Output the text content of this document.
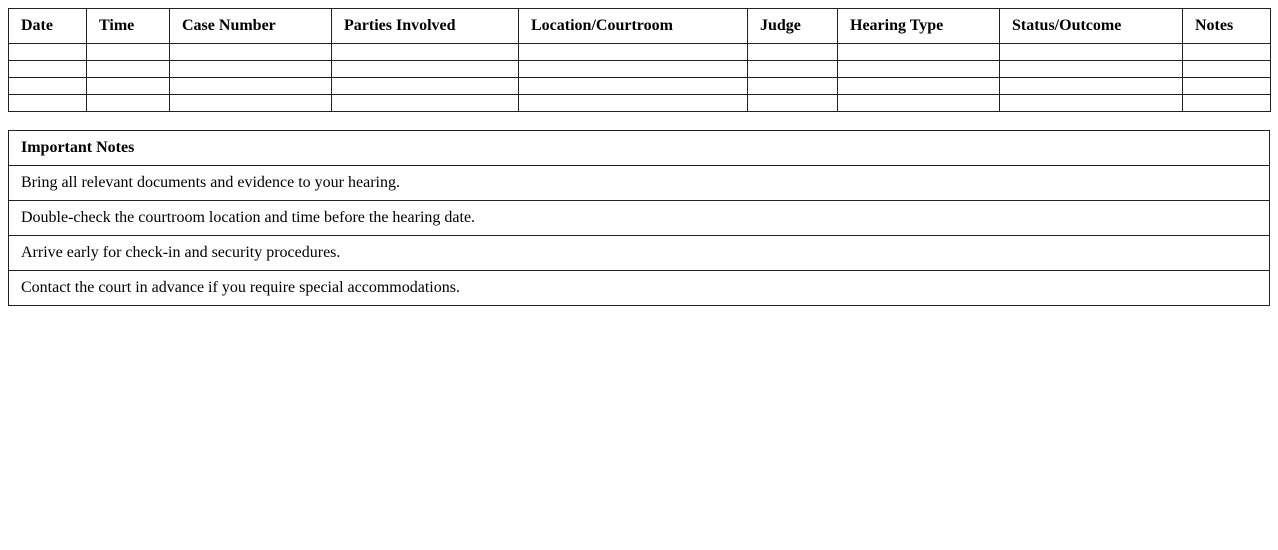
Date	Time	Case Number	Parties Involved	Location/Courtroom	Judge	Hearing Type	Status/Outcome	Notes

Important Notes
Bring all relevant documents and evidence to your hearing.
Double-check the courtroom location and time before the hearing date.
Arrive early for check-in and security procedures.
Contact the court in advance if you require special accommodations.
